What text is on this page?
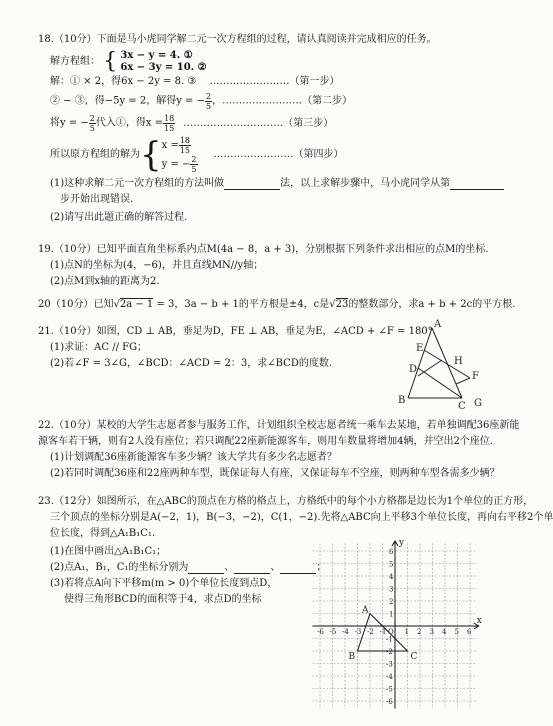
18.（10分）下面是马小虎同学解二元一次方程组的过程，请认真阅读并完成相应的任务。
解方程组： { 3x − y = 4. ①
6x − 3y = 10. ②
解：① × 2，得6x − 2y = 8. ③ ……………………（第一步）
② − ③，得−5y = 2，解得y = − $\frac{2}{5}$ ，……………………（第二步）
将y = − $\frac{2}{5}$ 代入①，得$x = \frac{18}{15}$ …………………………（第三步）
所以原方程组的解为{ $x = \frac{18}{15}$
y = − $\frac{2}{5}$
……………………（第四步）
(1)这种求解二元一次方程组的方法叫做	法，以上求解步骤中，马小虎同学从第
步开始出现错误.
(2)请写出此题正确的解答过程.
19.（10分）已知平面直角坐标系内点M(4a − 8，a + 3)，分别根据下列条件求出相应的点M的坐标.
(1)点N的坐标为(4，−6)，并且直线MN//y轴；
(2)点M到x轴的距离为2.
20（10分）已知√2a − 1 = 3，3a − b + 1的平方根是±4，c是√23的整数部分，求a + b + 2c的平方根.
21.（10分）如图，CD ⊥ AB，垂足为D，FE ⊥ AB，垂足为E，∠ACD + ∠F = 180°.
(1)求证：AC // FG；
(2)若∠F = 3∠G，∠BCD：∠ACD = 2：3，求∠BCD的度数.
A
E
H
F
D
B
C G
22.（10分）某校的大学生志愿者参与服务工作，计划组织全校志愿者统一乘车去某地，若单独调配36座新能
源客车若干辆，则有2人没有座位；若只调配22座新能源客车，则用车数量将增加4辆，并空出2个座位.
(1)计划调配36座新能源客车多少辆？该大学共有多少名志愿者？
(2)若同时调配36座和22座两种车型，既保证每人有座，又保证每车不空座，则两种车型各需多少辆？
23.（12分）如图所示，在△ABC的顶点在方格的格点上，方格纸中的每个小方格都是边长为1个单位的正方形，
三个顶点的坐标分别是A(−2，1)，B(−3，−2)，C(1，−2).先将△ABC向上平移3个单位长度，再向右平移2个单
位长度，得到△A₁B₁C₁.
(1)在图中画出△A₁B₁C₁；
(2)点A₁，B₁，C₁的坐标分别为	、	、	；
(3)若将点A向下平移m(m > 0)个单位长度到点D，
使得三角形BCD的面积等于4，求点D的坐标
-6 -5 -4 -3 -2 -1	1 2 3 4 5 6
6
5
4
3
2
1
-1
-2
-3
-4
-5
-6
O
x
y
A
B	C
